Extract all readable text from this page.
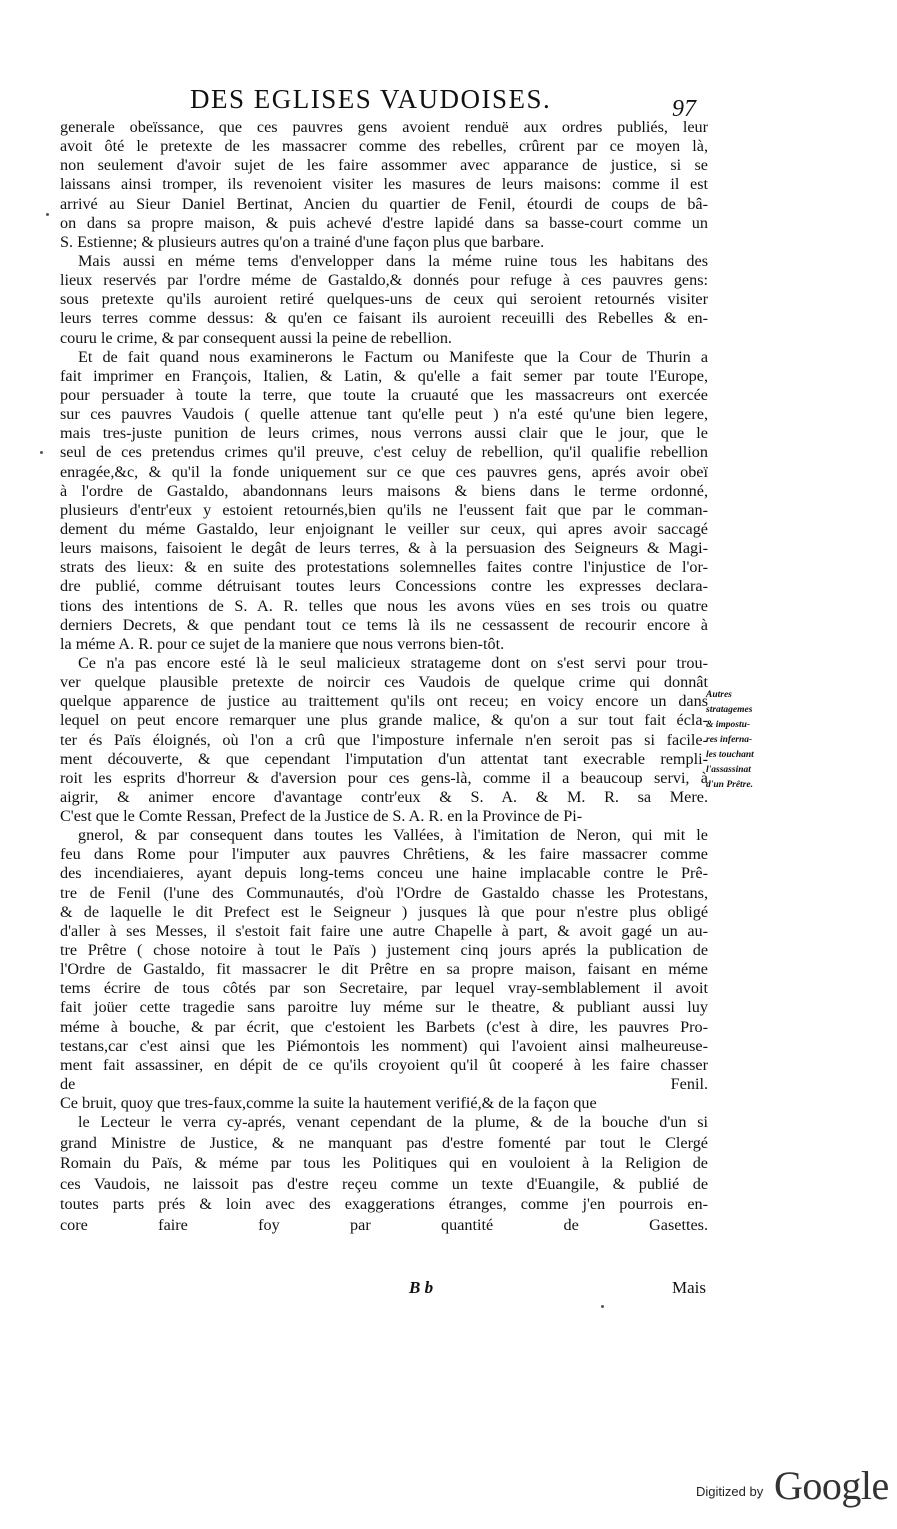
DES EGLISES VAUDOISES.	97
generale obeïssance, que ces pauvres gens avoient renduë aux ordres publiés, leur
avoit ôté le pretexte de les massacrer comme des rebelles, crûrent par ce moyen là,
non seulement d'avoir sujet de les faire assommer avec apparance de justice, si se
laissans ainsi tromper, ils revenoient visiter les masures de leurs maisons: comme il est
arrivé au Sieur Daniel Bertinat, Ancien du quartier de Fenil, étourdi de coups de bâ-
on dans sa propre maison, & puis achevé d'estre lapidé dans sa basse-court comme un
S. Estienne; & plusieurs autres qu'on a trainé d'une façon plus que barbare.
Mais aussi en méme tems d'envelopper dans la méme ruine tous les habitans des
lieux reservés par l'ordre méme de Gastaldo,& donnés pour refuge à ces pauvres gens:
sous pretexte qu'ils auroient retiré quelques-uns de ceux qui seroient retournés visiter
leurs terres comme dessus: & qu'en ce faisant ils auroient receuilli des Rebelles & en-
couru le crime, & par consequent aussi la peine de rebellion.
Et de fait quand nous examinerons le Factum ou Manifeste que la Cour de Thurin a
fait imprimer en François, Italien, & Latin, & qu'elle a fait semer par toute l'Europe,
pour persuader à toute la terre, que toute la cruauté que les massacreurs ont exercée
sur ces pauvres Vaudois ( quelle attenue tant qu'elle peut ) n'a esté qu'une bien legere,
mais tres-juste punition de leurs crimes, nous verrons aussi clair que le jour, que le
seul de ces pretendus crimes qu'il preuve, c'est celuy de rebellion, qu'il qualifie rebellion
enragée,&c, & qu'il la fonde uniquement sur ce que ces pauvres gens, aprés avoir obeï
à l'ordre de Gastaldo, abandonnans leurs maisons & biens dans le terme ordonné,
plusieurs d'entr'eux y estoient retournés,bien qu'ils ne l'eussent fait que par le comman-
dement du méme Gastaldo, leur enjoignant le veiller sur ceux, qui apres avoir saccagé
leurs maisons, faisoient le degât de leurs terres, & à la persuasion des Seigneurs & Magi-
strats des lieux: & en suite des protestations solemnelles faites contre l'injustice de l'or-
dre publié, comme détruisant toutes leurs Concessions contre les expresses declara-
tions des intentions de S. A. R. telles que nous les avons vües en ses trois ou quatre
derniers Decrets, & que pendant tout ce tems là ils ne cessassent de recourir encore à
la méme A. R. pour ce sujet de la maniere que nous verrons bien-tôt.
Ce n'a pas encore esté là le seul malicieux stratageme dont on s'est servi pour trou-
ver quelque plausible pretexte de noircir ces Vaudois de quelque crime qui donnât
quelque apparence de justice au traittement qu'ils ont receu; en voicy encore un dans
lequel on peut encore remarquer une plus grande malice, & qu'on a sur tout fait écla-
ter és Païs éloignés, où l'on a crû que l'imposture infernale n'en seroit pas si facile-
ment découverte, & que cependant l'imputation d'un attentat tant execrable rempli-
roit les esprits d'horreur & d'aversion pour ces gens-là, comme il a beaucoup servi, à
aigrir, & animer encore d'avantage contr'eux & S. A. & M. R. sa Mere.
C'est que le Comte Ressan, Prefect de la Justice de S. A. R. en la Province de Pi-
gnerol, & par consequent dans toutes les Vallées, à l'imitation de Neron, qui mit le
feu dans Rome pour l'imputer aux pauvres Chrêtiens, & les faire massacrer comme
des incendiaieres, ayant depuis long-tems conceu une haine implacable contre le Prê-
tre de Fenil (l'une des Communautés, d'où l'Ordre de Gastaldo chasse les Protestans,
& de laquelle le dit Prefect est le Seigneur ) jusques là que pour n'estre plus obligé
d'aller à ses Messes, il s'estoit fait faire une autre Chapelle à part, & avoit gagé un au-
tre Prêtre ( chose notoire à tout le Païs ) justement cinq jours aprés la publication de
l'Ordre de Gastaldo, fit massacrer le dit Prêtre en sa propre maison, faisant en méme
tems écrire de tous côtés par son Secretaire, par lequel vray-semblablement il avoit
fait joüer cette tragedie sans paroitre luy méme sur le theatre, & publiant aussi luy
méme à bouche, & par écrit, que c'estoient les Barbets (c'est à dire, les pauvres Pro-
testans,car c'est ainsi que les Piémontois les nomment) qui l'avoient ainsi malheureuse-
ment fait assassiner, en dépit de ce qu'ils croyoient qu'il ût cooperé à les faire chasser
de Fenil.
Ce bruit, quoy que tres-faux,comme la suite la hautement verifié,& de la façon que
le Lecteur le verra cy-aprés, venant cependant de la plume, & de la bouche d'un si
grand Ministre de Justice, & ne manquant pas d'estre fomenté par tout le Clergé
Romain du Païs, & méme par tous les Politiques qui en vouloient à la Religion de
ces Vaudois, ne laissoit pas d'estre reçeu comme un texte d'Euangile, & publié de
toutes parts prés & loin avec des exaggerations étranges, comme j'en pourrois en-
core faire foy par quantité de Gasettes.
Autres
stratagemes
& impostu-
res inferna-
les touchant
l'assassinat
d'un Prêtre.
B b	Mais
Digitized by Google
